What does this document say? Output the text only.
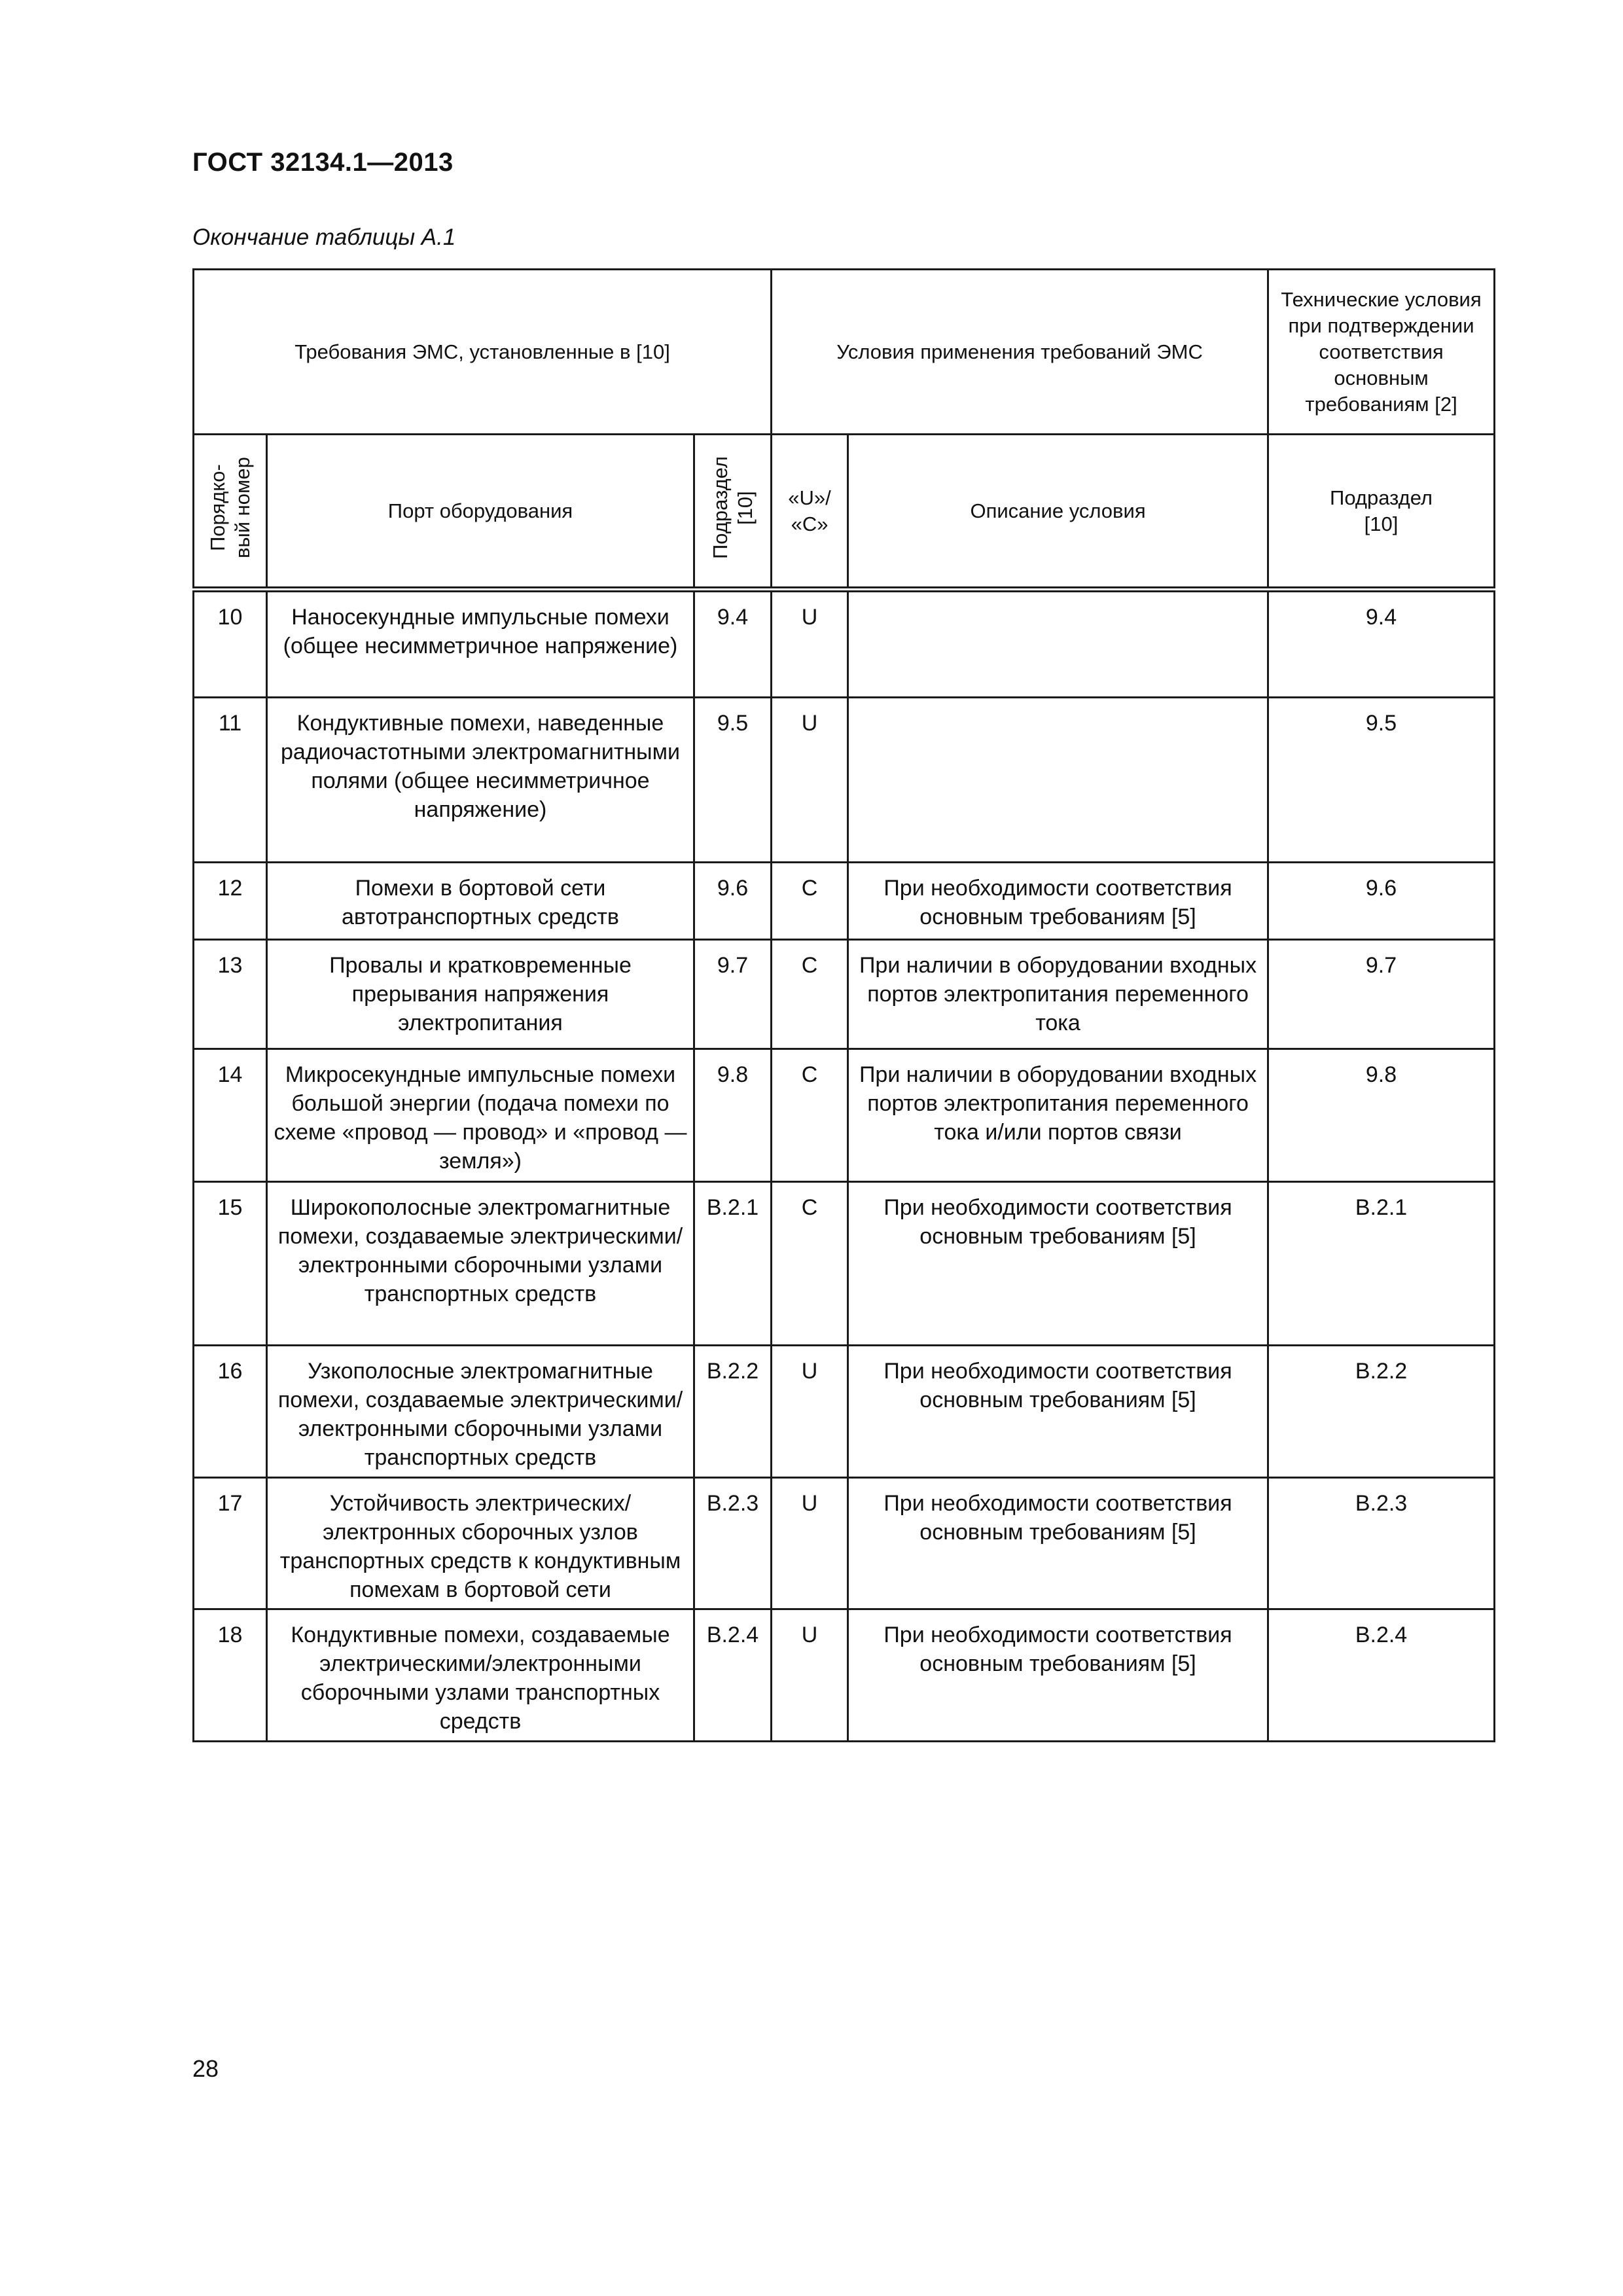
ГОСТ 32134.1—2013
Окончание таблицы А.1
Требования ЭМС, установленные в [10]			Условия применения требований ЭМС		Технические условия при подтверждении соответствия основным требованиям [2]
Порядко-вый номер	Порт оборудования	Подраздел [10]	«U»/ «С»	Описание условия	Подраздел [10]
10	Наносекундные импульсные помехи (общее несимметричное напряжение)	9.4	U		9.4
11	Кондуктивные помехи, наведенные радиочастотными электромагнитными полями (общее несимметричное напряжение)	9.5	U		9.5
12	Помехи в бортовой сети автотранспортных средств	9.6	С	При необходимости соответствия основным требованиям [5]	9.6
13	Провалы и кратковременные прерывания напряжения электропитания	9.7	С	При наличии в оборудовании входных портов электропитания переменного тока	9.7
14	Микросекундные импульсные помехи большой энергии (подача помехи по схеме «провод — провод» и «провод — земля»)	9.8	С	При наличии в оборудовании входных портов электропитания переменного тока и/или портов связи	9.8
15	Широкополосные электромагнитные помехи, создаваемые электрическими/электронными сборочными узлами транспортных средств	В.2.1	С	При необходимости соответствия основным требованиям [5]	В.2.1
16	Узкополосные электромагнитные помехи, создаваемые электрическими/электронными сборочными узлами транспортных средств	В.2.2	U	При необходимости соответствия основным требованиям [5]	В.2.2
17	Устойчивость электрических/электронных сборочных узлов транспортных средств к кондуктивным помехам в бортовой сети	В.2.3	U	При необходимости соответствия основным требованиям [5]	В.2.3
18	Кондуктивные помехи, создаваемые электрическими/электронными сборочными узлами транспортных средств	В.2.4	U	При необходимости соответствия основным требованиям [5]	В.2.4
28
